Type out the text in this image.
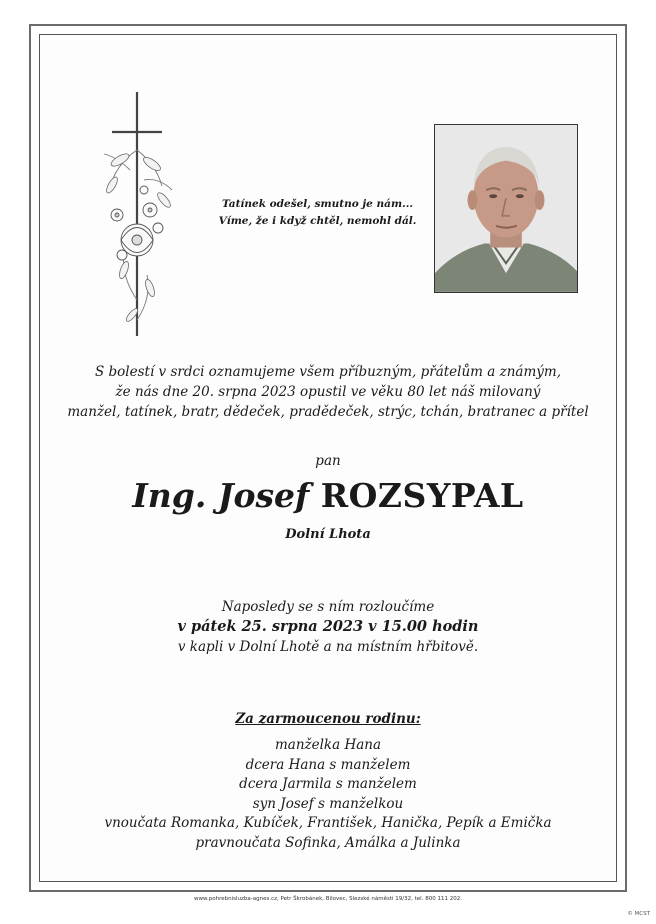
Tatínek odešel, smutno je nám...
Víme, že i když chtěl, nemohl dál.
S bolestí v srdci oznamujeme všem příbuzným, přátelům a známým,
že nás dne 20. srpna 2023 opustil ve věku 80 let náš milovaný
manžel, tatínek, bratr, dědeček, pradědeček, strýc, tchán, bratranec a přítel
pan
Ing. Josef ROZSYPAL
Dolní Lhota
Naposledy se s ním rozloučíme
v pátek 25. srpna 2023 v 15.00 hodin
v kapli v Dolní Lhotě a na místním hřbitově.
Za zarmoucenou rodinu:
manželka Hana
dcera Hana s manželem
dcera Jarmila s manželem
syn Josef s manželkou
vnoučata Romanka, Kubíček, František, Hanička, Pepík a Emička
pravnoučata Sofinka, Amálka a Julinka
www.pohrebnisluzba-agnes.cz, Petr Škrobánek, Bílovec, Slezské náměstí 19/32, tel. 800 111 202.
© MCST
